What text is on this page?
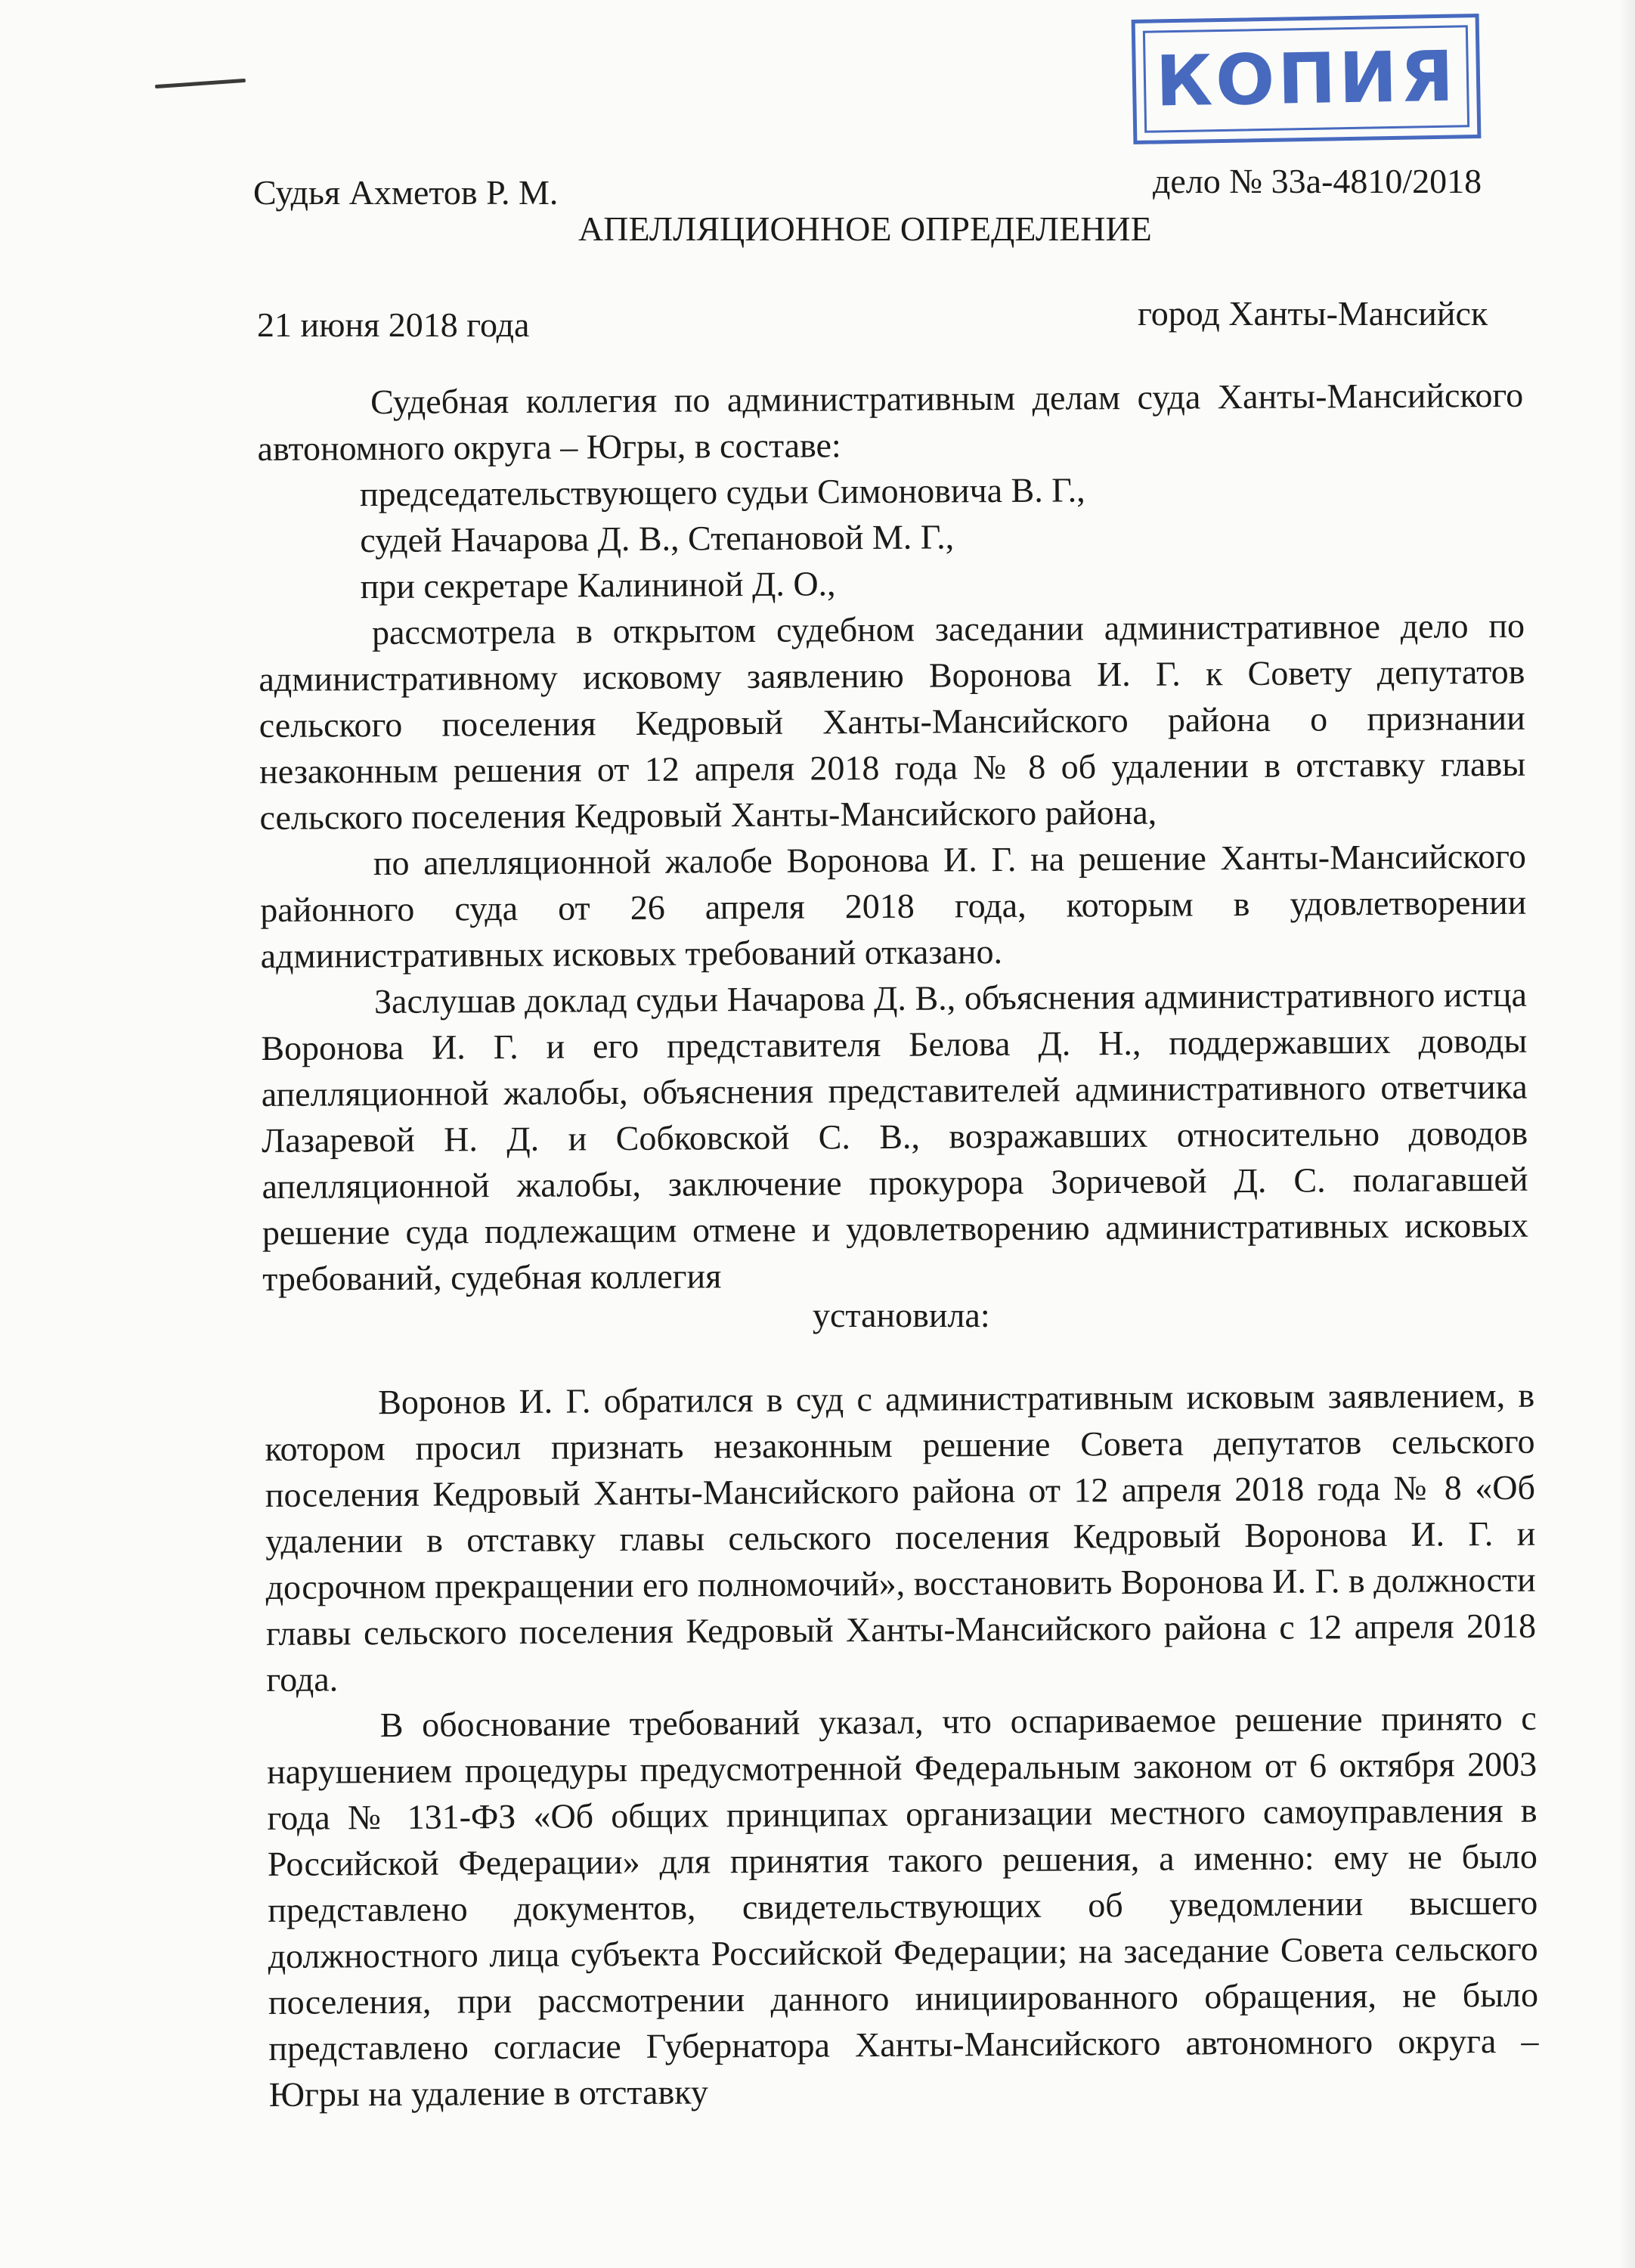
КОПИЯ
Судья Ахметов Р. М.	дело № 33а-4810/2018
АПЕЛЛЯЦИОННОЕ ОПРЕДЕЛЕНИЕ
21 июня 2018 года	город Ханты-Мансийск

Судебная коллегия по административным делам суда Ханты-Мансийского автономного округа – Югры, в составе:

председательствующего судьи Симоновича В. Г.,

судей Начарова Д. В., Степановой М. Г.,

при секретаре Калининой Д. О.,

рассмотрела в открытом судебном заседании административное дело по административному исковому заявлению Воронова И. Г. к Совету депутатов сельского поселения Кедровый Ханты-Мансийского района о признании незаконным решения от 12 апреля 2018 года № 8 об удалении в отставку главы сельского поселения Кедровый Ханты-Мансийского района,

по апелляционной жалобе Воронова И. Г. на решение Ханты-Мансийского районного суда от 26 апреля 2018 года, которым в удовлетворении административных исковых требований отказано.

Заслушав доклад судьи Начарова Д. В., объяснения административного истца Воронова И. Г. и его представителя Белова Д. Н., поддержавших доводы апелляционной жалобы, объяснения представителей административного ответчика Лазаревой Н. Д. и Собковской С. В., возражавших относительно доводов апелляционной жалобы, заключение прокурора Зоричевой Д. С. полагавшей решение суда подлежащим отмене и удовлетворению административных исковых требований, судебная коллегия

установила:

Воронов И. Г. обратился в суд с административным исковым заявлением, в котором просил признать незаконным решение Совета депутатов сельского поселения Кедровый Ханты-Мансийского района от 12 апреля 2018 года № 8 «Об удалении в отставку главы сельского поселения Кедровый Воронова И. Г. и досрочном прекращении его полномочий», восстановить Воронова И. Г. в должности главы сельского поселения Кедровый Ханты-Мансийского района с 12 апреля 2018 года.

В обоснование требований указал, что оспариваемое решение принято с нарушением процедуры предусмотренной Федеральным законом от 6 октября 2003 года № 131-ФЗ «Об общих принципах организации местного самоуправления в Российской Федерации» для принятия такого решения, а именно: ему не было представлено документов, свидетельствующих об уведомлении высшего должностного лица субъекта Российской Федерации; на заседание Совета сельского поселения, при рассмотрении данного инициированного обращения, не было представлено согласие Губернатора Ханты-Мансийского автономного округа – Югры на удаление в отставку
